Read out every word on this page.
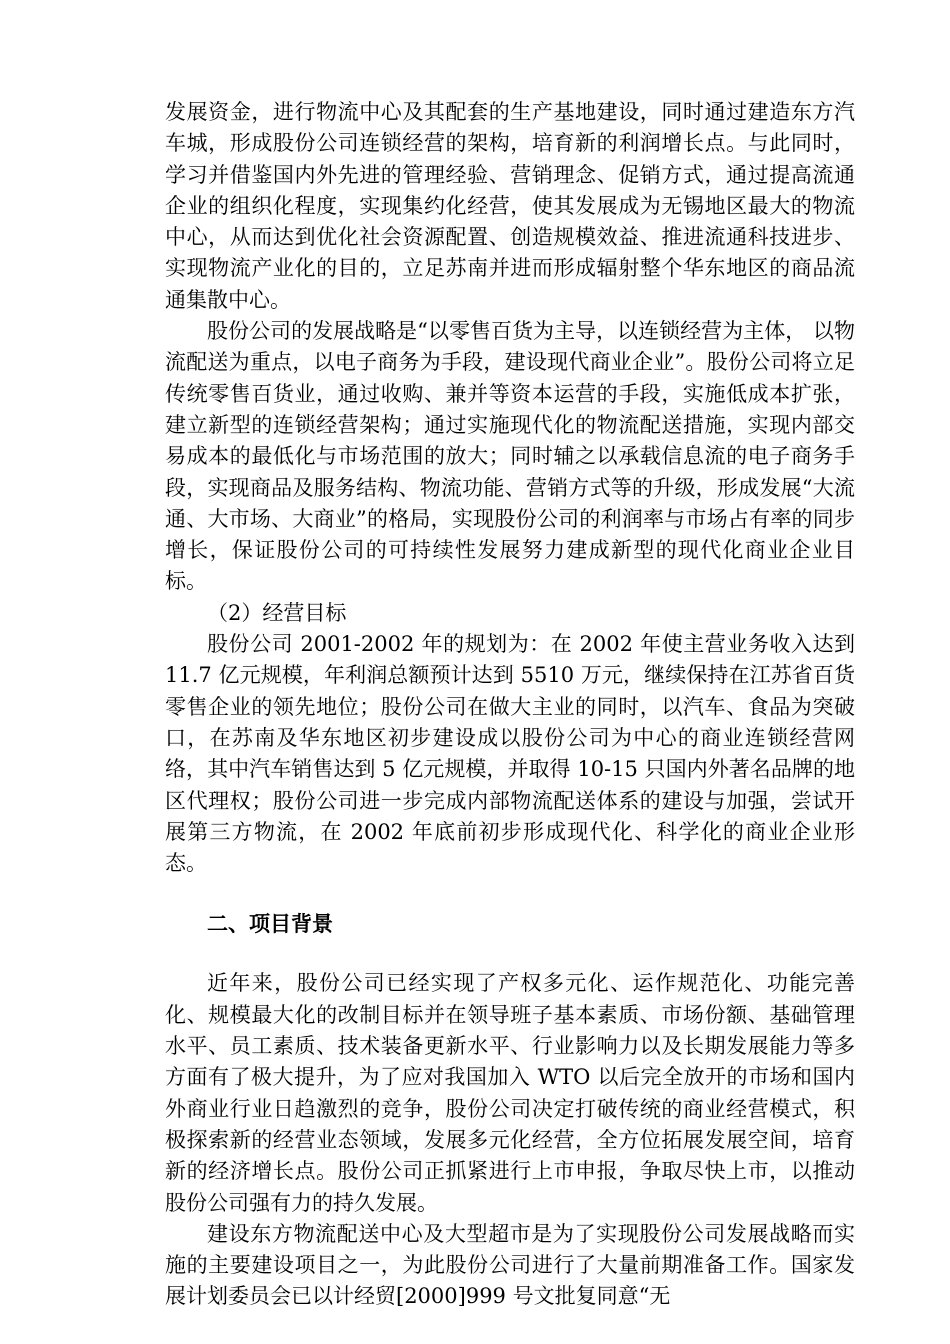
发展资金，进行物流中心及其配套的生产基地建设，同时通过建造东方汽车城，形成股份公司连锁经营的架构，培育新的利润增长点。与此同时，学习并借鉴国内外先进的管理经验、营销理念、促销方式，通过提高流通企业的组织化程度，实现集约化经营，使其发展成为无锡地区最大的物流中心，从而达到优化社会资源配置、创造规模效益、推进流通科技进步、实现物流产业化的目的，立足苏南并进而形成辐射整个华东地区的商品流通集散中心。

股份公司的发展战略是“以零售百货为主导，以连锁经营为主体， 以物流配送为重点，以电子商务为手段，建设现代商业企业”。股份公司将立足传统零售百货业，通过收购、兼并等资本运营的手段，实施低成本扩张，建立新型的连锁经营架构；通过实施现代化的物流配送措施，实现内部交易成本的最低化与市场范围的放大；同时辅之以承载信息流的电子商务手段，实现商品及服务结构、物流功能、营销方式等的升级，形成发展“大流通、大市场、大商业”的格局，实现股份公司的利润率与市场占有率的同步增长，保证股份公司的可持续性发展努力建成新型的现代化商业企业目标。

（2）经营目标

股份公司 2001-2002 年的规划为：在 2002 年使主营业务收入达到 11.7 亿元规模，年利润总额预计达到 5510 万元，继续保持在江苏省百货零售企业的领先地位；股份公司在做大主业的同时，以汽车、食品为突破口，在苏南及华东地区初步建设成以股份公司为中心的商业连锁经营网络，其中汽车销售达到 5 亿元规模，并取得 10-15 只国内外著名品牌的地区代理权；股份公司进一步完成内部物流配送体系的建设与加强，尝试开展第三方物流，在 2002 年底前初步形成现代化、科学化的商业企业形态。

二、项目背景

近年来，股份公司已经实现了产权多元化、运作规范化、功能完善化、规模最大化的改制目标并在领导班子基本素质、市场份额、基础管理水平、员工素质、技术装备更新水平、行业影响力以及长期发展能力等多方面有了极大提升，为了应对我国加入 WTO 以后完全放开的市场和国内外商业行业日趋激烈的竞争，股份公司决定打破传统的商业经营模式，积极探索新的经营业态领域，发展多元化经营，全方位拓展发展空间，培育新的经济增长点。股份公司正抓紧进行上市申报，争取尽快上市，以推动股份公司强有力的持久发展。

建设东方物流配送中心及大型超市是为了实现股份公司发展战略而实施的主要建设项目之一，为此股份公司进行了大量前期准备工作。国家发展计划委员会已以计经贸[2000]999 号文批复同意“无
